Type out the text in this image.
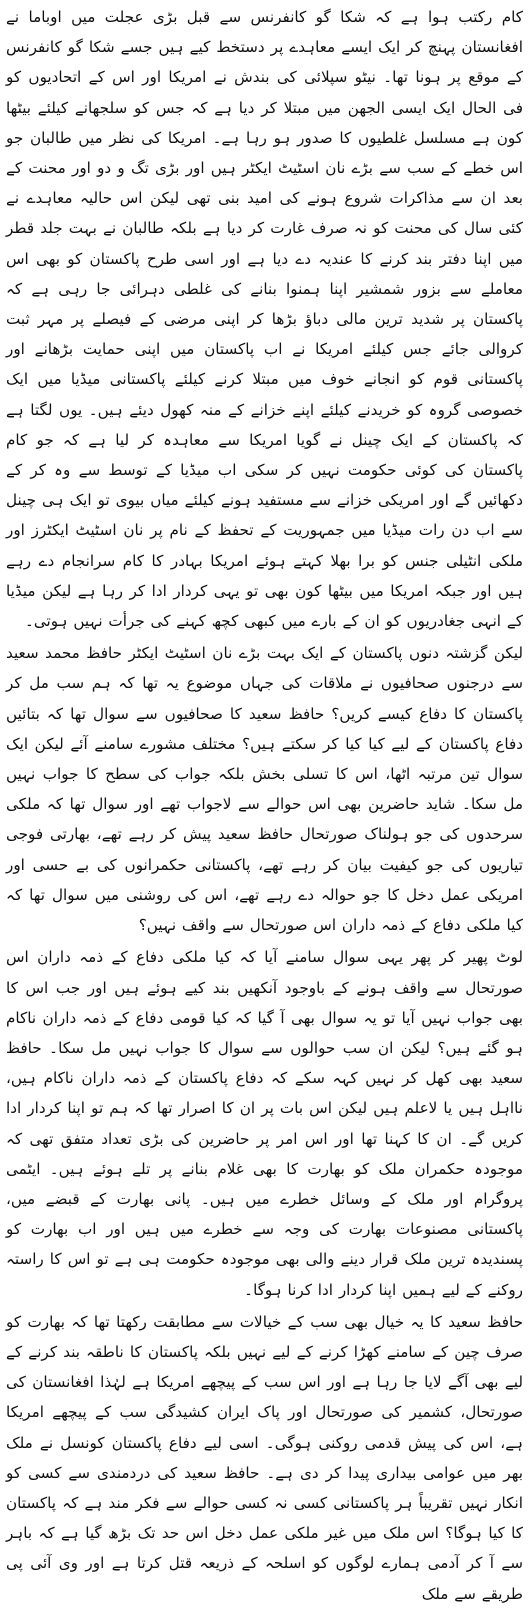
کام رکتب ہوا ہے کہ شکا گو کانفرنس سے قبل بڑی عجلت میں اوباما نے افغانستان پہنچ کر ایک ایسے معاہدے پر دستخط کیے ہیں جسے شکا گو کانفرنس کے موقع پر ہونا تھا۔ نیٹو سپلائی کی بندش نے امریکا اور اس کے اتحادیوں کو فی الحال ایک ایسی الجھن میں مبتلا کر دیا ہے کہ جس کو سلجھانے کیلئے بیٹھا کون ہے مسلسل غلطیوں کا صدور ہو رہا ہے۔ امریکا کی نظر میں طالبان جو اس خطے کے سب سے بڑے نان اسٹیٹ ایکٹر ہیں اور بڑی تگ و دو اور محنت کے بعد ان سے مذاکرات شروع ہونے کی امید بنی تھی لیکن اس حالیہ معاہدے نے کئی سال کی محنت کو نہ صرف غارت کر دیا ہے بلکہ طالبان نے بہت جلد قطر میں اپنا دفتر بند کرنے کا عندیہ دے دیا ہے اور اسی طرح پاکستان کو بھی اس معاملے سے بزور شمشیر اپنا ہمنوا بنانے کی غلطی دہرائی جا رہی ہے کہ پاکستان پر شدید ترین مالی دباؤ بڑھا کر اپنی مرضی کے فیصلے پر مہر ثبت کروالی جائے جس کیلئے امریکا نے اب پاکستان میں اپنی حمایت بڑھانے اور پاکستانی قوم کو انجانے خوف میں مبتلا کرنے کیلئے پاکستانی میڈیا میں ایک خصوصی گروہ کو خریدنے کیلئے اپنے خزانے کے منہ کھول دیئے ہیں۔ یوں لگتا ہے کہ پاکستان کے ایک چینل نے گویا امریکا سے معاہدہ کر لیا ہے کہ جو کام پاکستان کی کوئی حکومت نہیں کر سکی اب میڈیا کے توسط سے وہ کر کے دکھائیں گے اور امریکی خزانے سے مستفید ہونے کیلئے میاں بیوی تو ایک ہی چینل سے اب دن رات میڈیا میں جمہوریت کے تحفظ کے نام پر نان اسٹیٹ ایکٹرز اور ملکی انٹیلی جنس کو برا بھلا کہتے ہوئے امریکا بہادر کا کام سرانجام دے رہے ہیں اور جبکہ امریکا میں بیٹھا کون بھی تو یہی کردار ادا کر رہا ہے لیکن میڈیا کے انہی جغادریوں کو ان کے بارے میں کبھی کچھ کہنے کی جرأت نہیں ہوتی۔

لیکن گزشتہ دنوں پاکستان کے ایک بہت بڑے نان اسٹیٹ ایکٹر حافظ محمد سعید سے درجنوں صحافیوں نے ملاقات کی جہاں موضوع یہ تھا کہ ہم سب مل کر پاکستان کا دفاع کیسے کریں؟ حافظ سعید کا صحافیوں سے سوال تھا کہ بتائیں دفاع پاکستان کے لیے کیا کیا کر سکتے ہیں؟ مختلف مشورے سامنے آئے لیکن ایک سوال تین مرتبہ اٹھا، اس کا تسلی بخش بلکہ جواب کی سطح کا جواب نہیں مل سکا۔ شاید حاضرین بھی اس حوالے سے لاجواب تھے اور سوال تھا کہ ملکی سرحدوں کی جو ہولناک صورتحال حافظ سعید پیش کر رہے تھے، بھارتی فوجی تیاریوں کی جو کیفیت بیان کر رہے تھے، پاکستانی حکمرانوں کی بے حسی اور امریکی عمل دخل کا جو حوالہ دے رہے تھے، اس کی روشنی میں سوال تھا کہ کیا ملکی دفاع کے ذمہ داران اس صورتحال سے واقف نہیں؟

لوٹ پھیر کر پھر یہی سوال سامنے آیا کہ کیا ملکی دفاع کے ذمہ داران اس صورتحال سے واقف ہونے کے باوجود آنکھیں بند کیے ہوئے ہیں اور جب اس کا بھی جواب نہیں آیا تو یہ سوال بھی آ گیا کہ کیا قومی دفاع کے ذمہ داران ناکام ہو گئے ہیں؟ لیکن ان سب حوالوں سے سوال کا جواب نہیں مل سکا۔ حافظ سعید بھی کھل کر نہیں کہہ سکے کہ دفاع پاکستان کے ذمہ داران ناکام ہیں، نااہل ہیں یا لاعلم ہیں لیکن اس بات پر ان کا اصرار تھا کہ ہم تو اپنا کردار ادا کریں گے۔ ان کا کہنا تھا اور اس امر پر حاضرین کی بڑی تعداد متفق تھی کہ موجودہ حکمران ملک کو بھارت کا بھی غلام بنانے پر تلے ہوئے ہیں۔ ایٹمی پروگرام اور ملک کے وسائل خطرے میں ہیں۔ پانی بھارت کے قبضے میں، پاکستانی مصنوعات بھارت کی وجہ سے خطرے میں ہیں اور اب بھارت کو پسندیدہ ترین ملک قرار دینے والی بھی موجودہ حکومت ہی ہے تو اس کا راستہ روکنے کے لیے ہمیں اپنا کردار ادا کرنا ہوگا۔

حافظ سعید کا یہ خیال بھی سب کے خیالات سے مطابقت رکھتا تھا کہ بھارت کو صرف چین کے سامنے کھڑا کرنے کے لیے نہیں بلکہ پاکستان کا ناطقہ بند کرنے کے لیے بھی آگے لایا جا رہا ہے اور اس سب کے پیچھے امریکا ہے لہٰذا افغانستان کی صورتحال، کشمیر کی صورتحال اور پاک ایران کشیدگی سب کے پیچھے امریکا ہے، اس کی پیش قدمی روکنی ہوگی۔ اسی لیے دفاع پاکستان کونسل نے ملک بھر میں عوامی بیداری پیدا کر دی ہے۔ حافظ سعید کی دردمندی سے کسی کو انکار نہیں تقریباً ہر پاکستانی کسی نہ کسی حوالے سے فکر مند ہے کہ پاکستان کا کیا ہوگا؟ اس ملک میں غیر ملکی عمل دخل اس حد تک بڑھ گیا ہے کہ باہر سے آ کر آدمی ہمارے لوگوں کو اسلحہ کے ذریعہ قتل کرتا ہے اور وی آئی پی طریقے سے ملک
